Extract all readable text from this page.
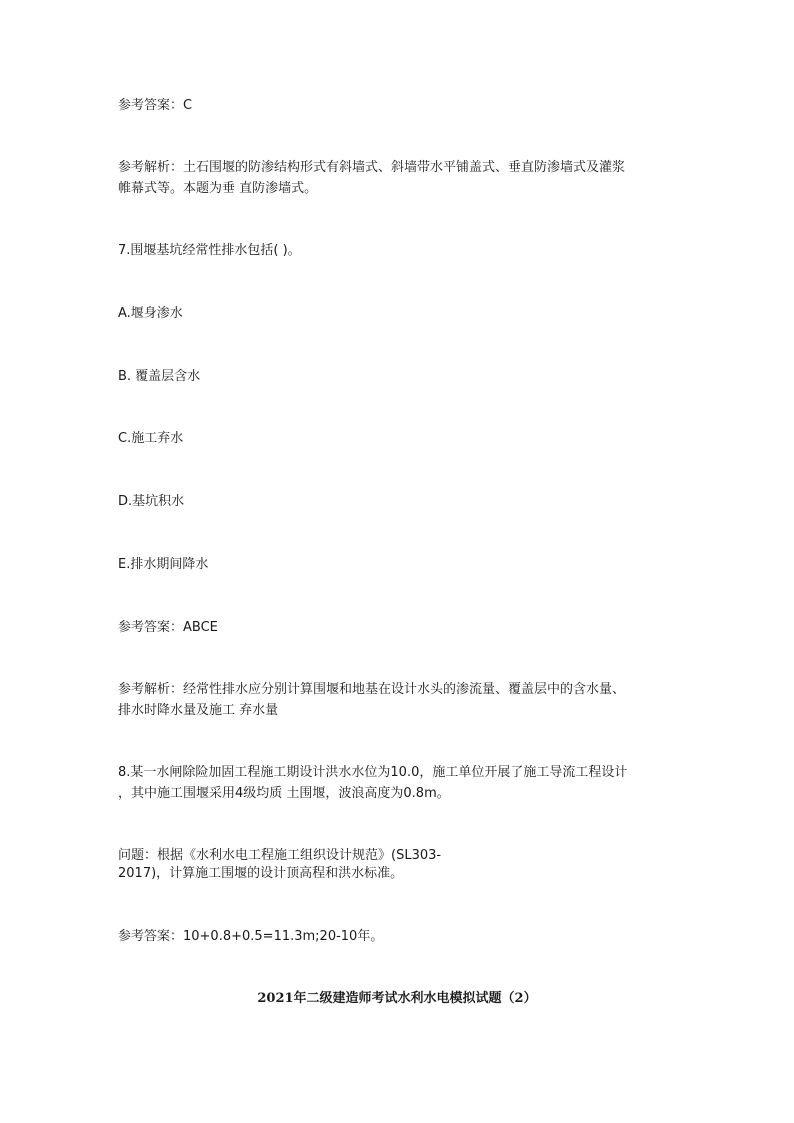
参考答案：C
参考解析：土石围堰的防渗结构形式有斜墙式、斜墙带水平铺盖式、垂直防渗墙式及灌浆
帷幕式等。本题为垂 直防渗墙式。
7.围堰基坑经常性排水包括( )。
A.堰身渗水
B. 覆盖层含水
C.施工弃水
D.基坑积水
E.排水期间降水
参考答案：ABCE
参考解析：经常性排水应分别计算围堰和地基在设计水头的渗流量、覆盖层中的含水量、
排水时降水量及施工 弃水量
8.某一水闸除险加固工程施工期设计洪水水位为10.0，施工单位开展了施工导流工程设计
，其中施工围堰采用4级均质 土围堰，波浪高度为0.8m。
问题：根据《水利水电工程施工组织设计规范》(SL303-
2017)，计算施工围堰的设计顶高程和洪水标准。
参考答案：10+0.8+0.5=11.3m;20-10年。
2021年二级建造师考试水利水电模拟试题（2）
